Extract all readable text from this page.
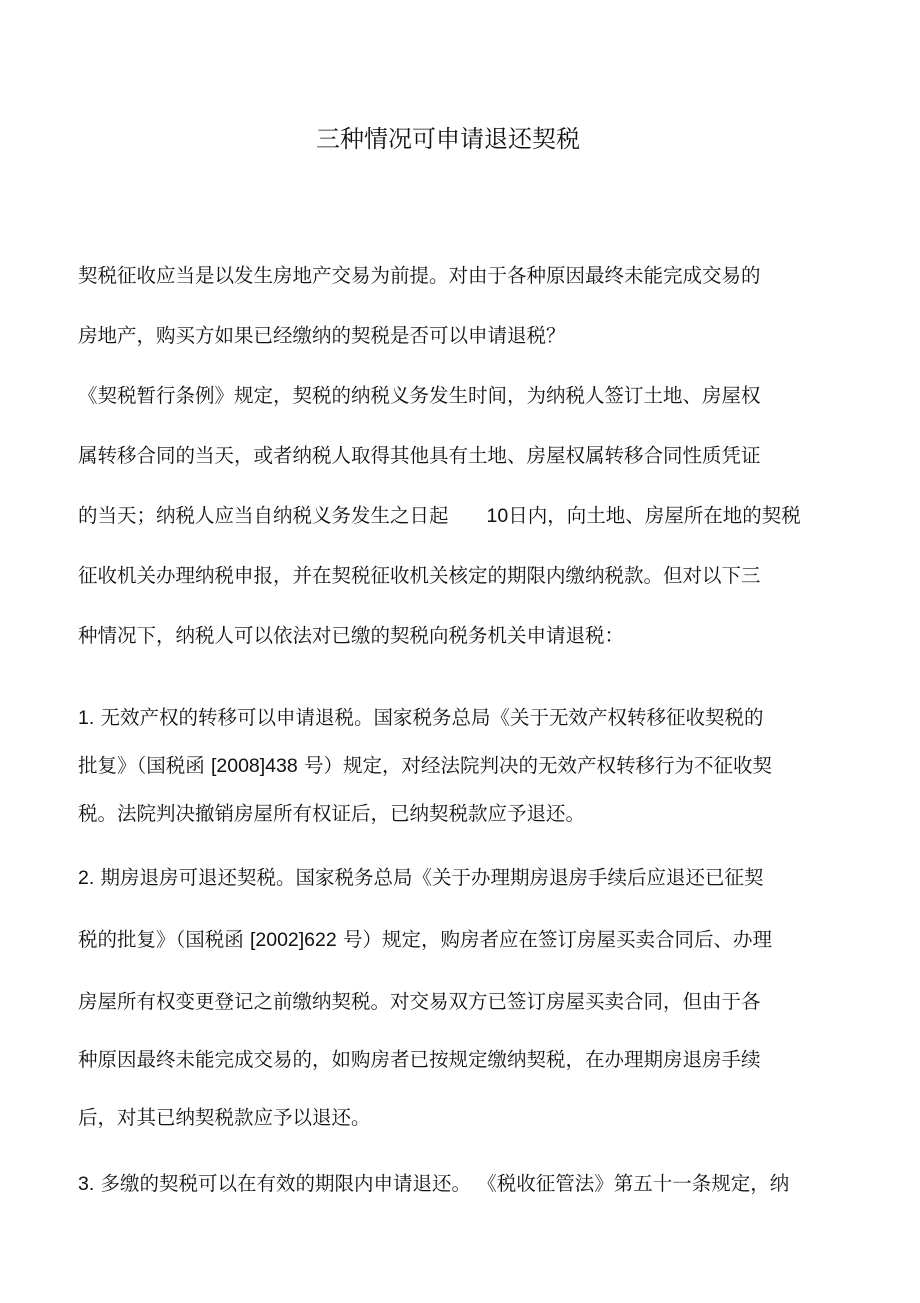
三种情况可申请退还契税
契税征收应当是以发生房地产交易为前提。对由于各种原因最终未能完成交易的
房地产，购买方如果已经缴纳的契税是否可以申请退税？
《契税暂行条例》规定，契税的纳税义务发生时间，为纳税人签订土地、房屋权
属转移合同的当天，或者纳税人取得其他具有土地、房屋权属转移合同性质凭证
的当天；纳税人应当自纳税义务发生之日起 10日内，向土地、房屋所在地的契税
征收机关办理纳税申报，并在契税征收机关核定的期限内缴纳税款。但对以下三
种情况下，纳税人可以依法对已缴的契税向税务机关申请退税：
1. 无效产权的转移可以申请退税。国家税务总局《关于无效产权转移征收契税的
批复》（国税函 [2008]438 号）规定，对经法院判决的无效产权转移行为不征收契
税。法院判决撤销房屋所有权证后，已纳契税款应予退还。
2. 期房退房可退还契税。国家税务总局《关于办理期房退房手续后应退还已征契
税的批复》（国税函 [2002]622 号）规定，购房者应在签订房屋买卖合同后、办理
房屋所有权变更登记之前缴纳契税。对交易双方已签订房屋买卖合同，但由于各
种原因最终未能完成交易的，如购房者已按规定缴纳契税，在办理期房退房手续
后，对其已纳契税款应予以退还。
3. 多缴的契税可以在有效的期限内申请退还。 《税收征管法》第五十一条规定，纳
